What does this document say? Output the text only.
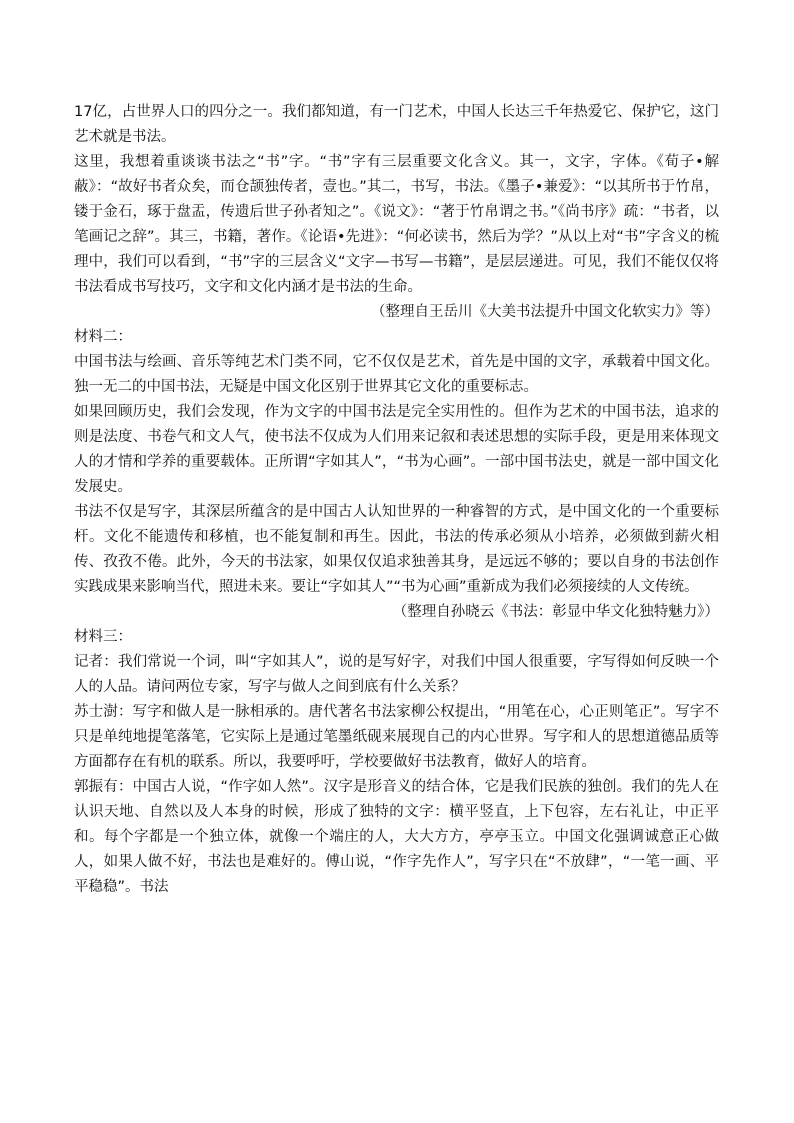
17亿，占世界人口的四分之一。我们都知道，有一门艺术，中国人长达三千年热爱它、保护它，这门艺术就是书法。

这里，我想着重谈谈书法之“书”字。“书”字有三层重要文化含义。其一，文字，字体。《荀子•解蔽》：“故好书者众矣，而仓颉独传者，壹也。”其二，书写，书法。《墨子•兼爱》：“以其所书于竹帛，镂于金石，琢于盘盂，传遗后世子孙者知之”。《说文》：“著于竹帛谓之书。”《尚书序》疏：“书者，以笔画记之辞”。其三，书籍，著作。《论语•先进》：“何必读书，然后为学？”从以上对“书”字含义的梳理中，我们可以看到，“书”字的三层含义“文字—书写—书籍”，是层层递进。可见，我们不能仅仅将书法看成书写技巧，文字和文化内涵才是书法的生命。

（整理自王岳川《大美书法提升中国文化软实力》等）

材料二：

中国书法与绘画、音乐等纯艺术门类不同，它不仅仅是艺术，首先是中国的文字，承载着中国文化。独一无二的中国书法，无疑是中国文化区别于世界其它文化的重要标志。

如果回顾历史，我们会发现，作为文字的中国书法是完全实用性的。但作为艺术的中国书法，追求的则是法度、书卷气和文人气，使书法不仅成为人们用来记叙和表述思想的实际手段，更是用来体现文人的才情和学养的重要载体。正所谓“字如其人”，“书为心画”。一部中国书法史，就是一部中国文化发展史。

书法不仅是写字，其深层所蕴含的是中国古人认知世界的一种睿智的方式，是中国文化的一个重要标杆。文化不能遗传和移植，也不能复制和再生。因此，书法的传承必须从小培养，必须做到薪火相传、孜孜不倦。此外，今天的书法家，如果仅仅追求独善其身，是远远不够的；要以自身的书法创作实践成果来影响当代，照进未来。要让“字如其人”“书为心画”重新成为我们必须接续的人文传统。

（整理自孙晓云《书法：彰显中华文化独特魅力》）

材料三：

记者：我们常说一个词，叫“字如其人”，说的是写好字，对我们中国人很重要，字写得如何反映一个人的人品。请问两位专家，写字与做人之间到底有什么关系？

苏士澍：写字和做人是一脉相承的。唐代著名书法家柳公权提出，“用笔在心，心正则笔正”。写字不只是单纯地提笔落笔，它实际上是通过笔墨纸砚来展现自己的内心世界。写字和人的思想道德品质等方面都存在有机的联系。所以，我要呼吁，学校要做好书法教育，做好人的培育。

郭振有：中国古人说，“作字如人然”。汉字是形音义的结合体，它是我们民族的独创。我们的先人在认识天地、自然以及人本身的时候，形成了独特的文字：横平竖直，上下包容，左右礼让，中正平和。每个字都是一个独立体，就像一个端庄的人，大大方方，亭亭玉立。中国文化强调诚意正心做人，如果人做不好，书法也是难好的。傅山说，“作字先作人”，写字只在“不放肆”，“一笔一画、平平稳稳”。书法
